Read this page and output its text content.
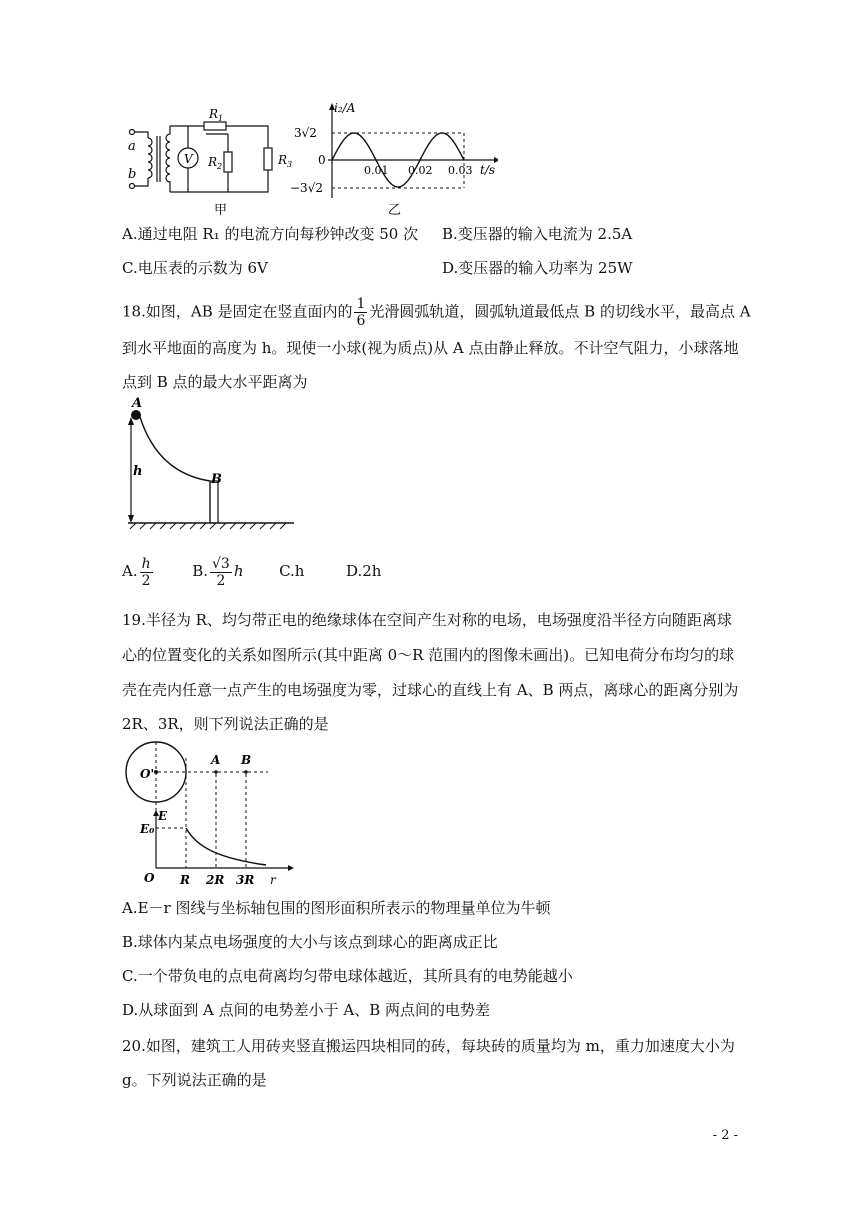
a
b
V
$R_1$
$R_2$	$R_3$
甲
i₂/A
t/s
3√2
−3√2
0
0.01 0.02 0.03
乙
A.通过电阻 R₁ 的电流方向每秒钟改变 50 次 B.变压器的输入电流为 2.5A
C.电压表的示数为 6V	D.变压器的输入功率为 25W
18.如图，AB 是固定在竖直面内的 $\frac{1}{6}$ 光滑圆弧轨道，圆弧轨道最低点 B 的切线水平，最高点 A
到水平地面的高度为 h。现使一小球(视为质点)从 A 点由静止释放。不计空气阻力，小球落地
点到 B 点的最大水平距离为
A
B
h
A. $\frac{h}{2}$	B. $\frac{√3}{2}$ h C.h	D.2h
19.半径为 R、均匀带正电的绝缘球体在空间产生对称的电场，电场强度沿半径方向随距离球
心的位置变化的关系如图所示(其中距离 0～R 范围内的图像未画出)。已知电荷分布均匀的球
壳在壳内任意一点产生的电场强度为零，过球心的直线上有 A、B 两点，离球心的距离分别为
2R、3R，则下列说法正确的是
O'
A B
E
E₀
O R 2R 3R r
A.E－r 图线与坐标轴包围的图形面积所表示的物理量单位为牛顿
B.球体内某点电场强度的大小与该点到球心的距离成正比
C.一个带负电的点电荷离均匀带电球体越近，其所具有的电势能越小
D.从球面到 A 点间的电势差小于 A、B 两点间的电势差
20.如图，建筑工人用砖夹竖直搬运四块相同的砖，每块砖的质量均为 m，重力加速度大小为
g。下列说法正确的是
- 2 -
